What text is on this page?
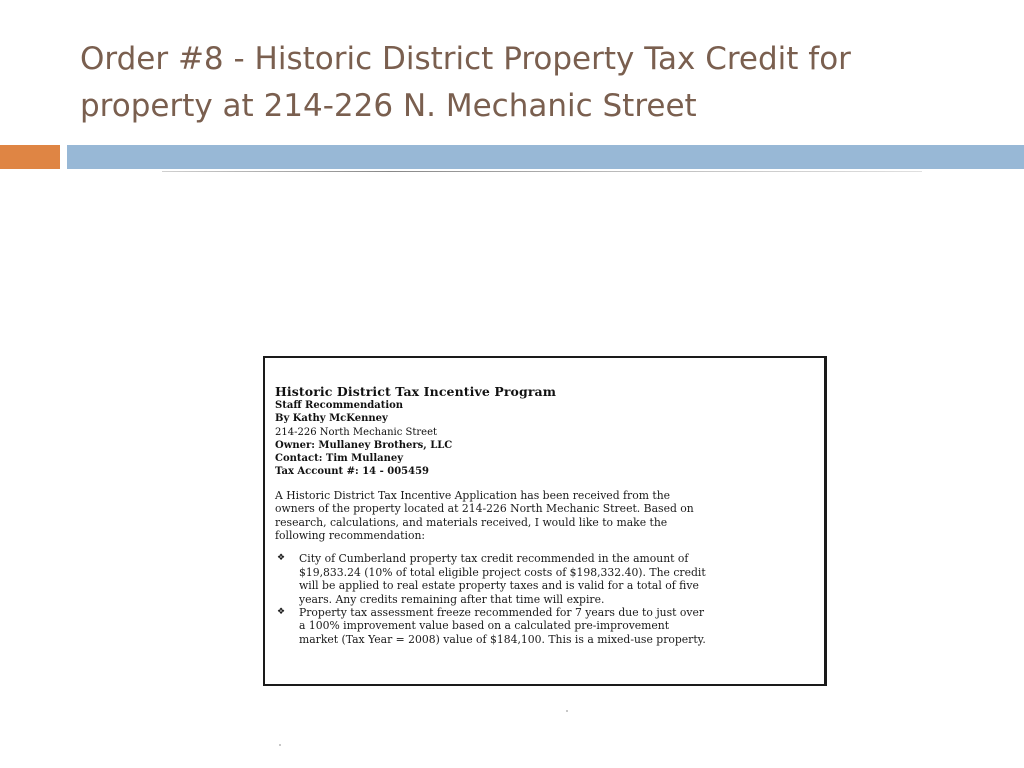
Order #8 - Historic District Property Tax Credit for
property at 214-226 N. Mechanic Street
Historic District Tax Incentive Program
Staff Recommendation
By Kathy McKenney
214-226 North Mechanic Street
Owner: Mullaney Brothers, LLC
Contact: Tim Mullaney
Tax Account #: 14 - 005459
A Historic District Tax Incentive Application has been received from the
owners of the property located at 214-226 North Mechanic Street. Based on
research, calculations, and materials received, I would like to make the
following recommendation:
❖ City of Cumberland property tax credit recommended in the amount of
$19,833.24 (10% of total eligible project costs of $198,332.40). The credit
will be applied to real estate property taxes and is valid for a total of five
years. Any credits remaining after that time will expire.
❖ Property tax assessment freeze recommended for 7 years due to just over
a 100% improvement value based on a calculated pre-improvement
market (Tax Year = 2008) value of $184,100. This is a mixed-use property.
